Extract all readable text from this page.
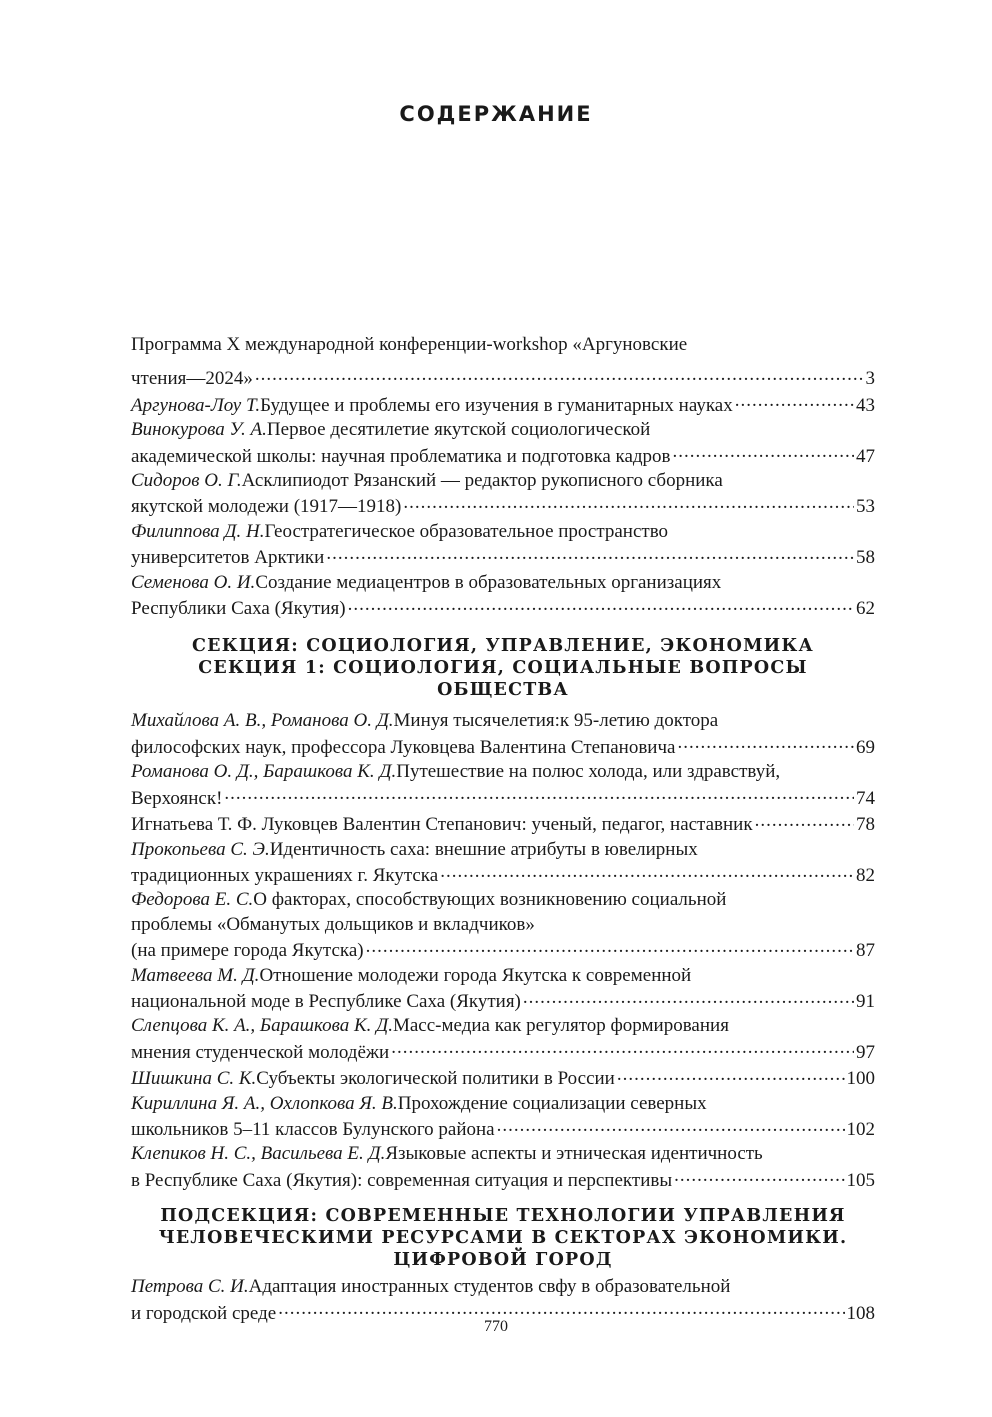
СОДЕРЖАНИЕ
Программа X международной конференции-workshop «Аргуновские
чтения—2024» .....	3
Аргунова-Лоу Т. Будущее и проблемы его изучения в гуманитарных науках .....	43
Винокурова У. А. Первое десятилетие якутской социологической
академической школы: научная проблематика и подготовка кадров .....	47
Сидоров О. Г. Асклипиодот Рязанский — редактор рукописного сборника
якутской молодежи (1917—1918) .....	53
Филиппова Д. Н. Геостратегическое образовательное пространство
университетов Арктики .....	58
Семенова О. И. Создание медиацентров в образовательных организациях
Республики Саха (Якутия) .....	62
СЕКЦИЯ: СОЦИОЛОГИЯ, УПРАВЛЕНИЕ, ЭКОНОМИКА
СЕКЦИЯ 1: СОЦИОЛОГИЯ, СОЦИАЛЬНЫЕ ВОПРОСЫ ОБЩЕСТВА
Михайлова А. В., Романова О. Д. Минуя тысячелетия:к 95-летию доктора
философских наук, профессора Луковцева Валентина Степановича .....	69
Романова О. Д., Барашкова К. Д. Путешествие на полюс холода, или здравствуй,
Верхоянск! .....	74
Игнатьева Т. Ф. Луковцев Валентин Степанович: ученый, педагог, наставник .....	78
Прокопьева С. Э. Идентичность саха: внешние атрибуты в ювелирных
традиционных украшениях г. Якутска .....	82
Федорова Е. С. О факторах, способствующих возникновению социальной
проблемы «Обманутых дольщиков и вкладчиков»
(на примере города Якутска) .....	87
Матвеева М. Д. Отношение молодежи города Якутска к современной
национальной моде в Республике Саха (Якутия) .....	91
Слепцова К. А., Барашкова К. Д. Масс-медиа как регулятор формирования
мнения студенческой молодёжи .....	97
Шишкина С. К. Субъекты экологической политики в России .....	100
Кириллина Я. А., Охлопкова Я. В. Прохождение социализации северных
школьников 5–11 классов Булунского района .....	102
Клепиков Н. С., Васильева Е. Д. Языковые аспекты и этническая идентичность
в Республике Саха (Якутия): современная ситуация и перспективы .....	105
ПОДСЕКЦИЯ: СОВРЕМЕННЫЕ ТЕХНОЛОГИИ УПРАВЛЕНИЯ
ЧЕЛОВЕЧЕСКИМИ РЕСУРСАМИ В СЕКТОРАХ ЭКОНОМИКИ.
ЦИФРОВОЙ ГОРОД
Петрова С. И. Адаптация иностранных студентов свфу в образовательной
и городской среде .....	108
770
